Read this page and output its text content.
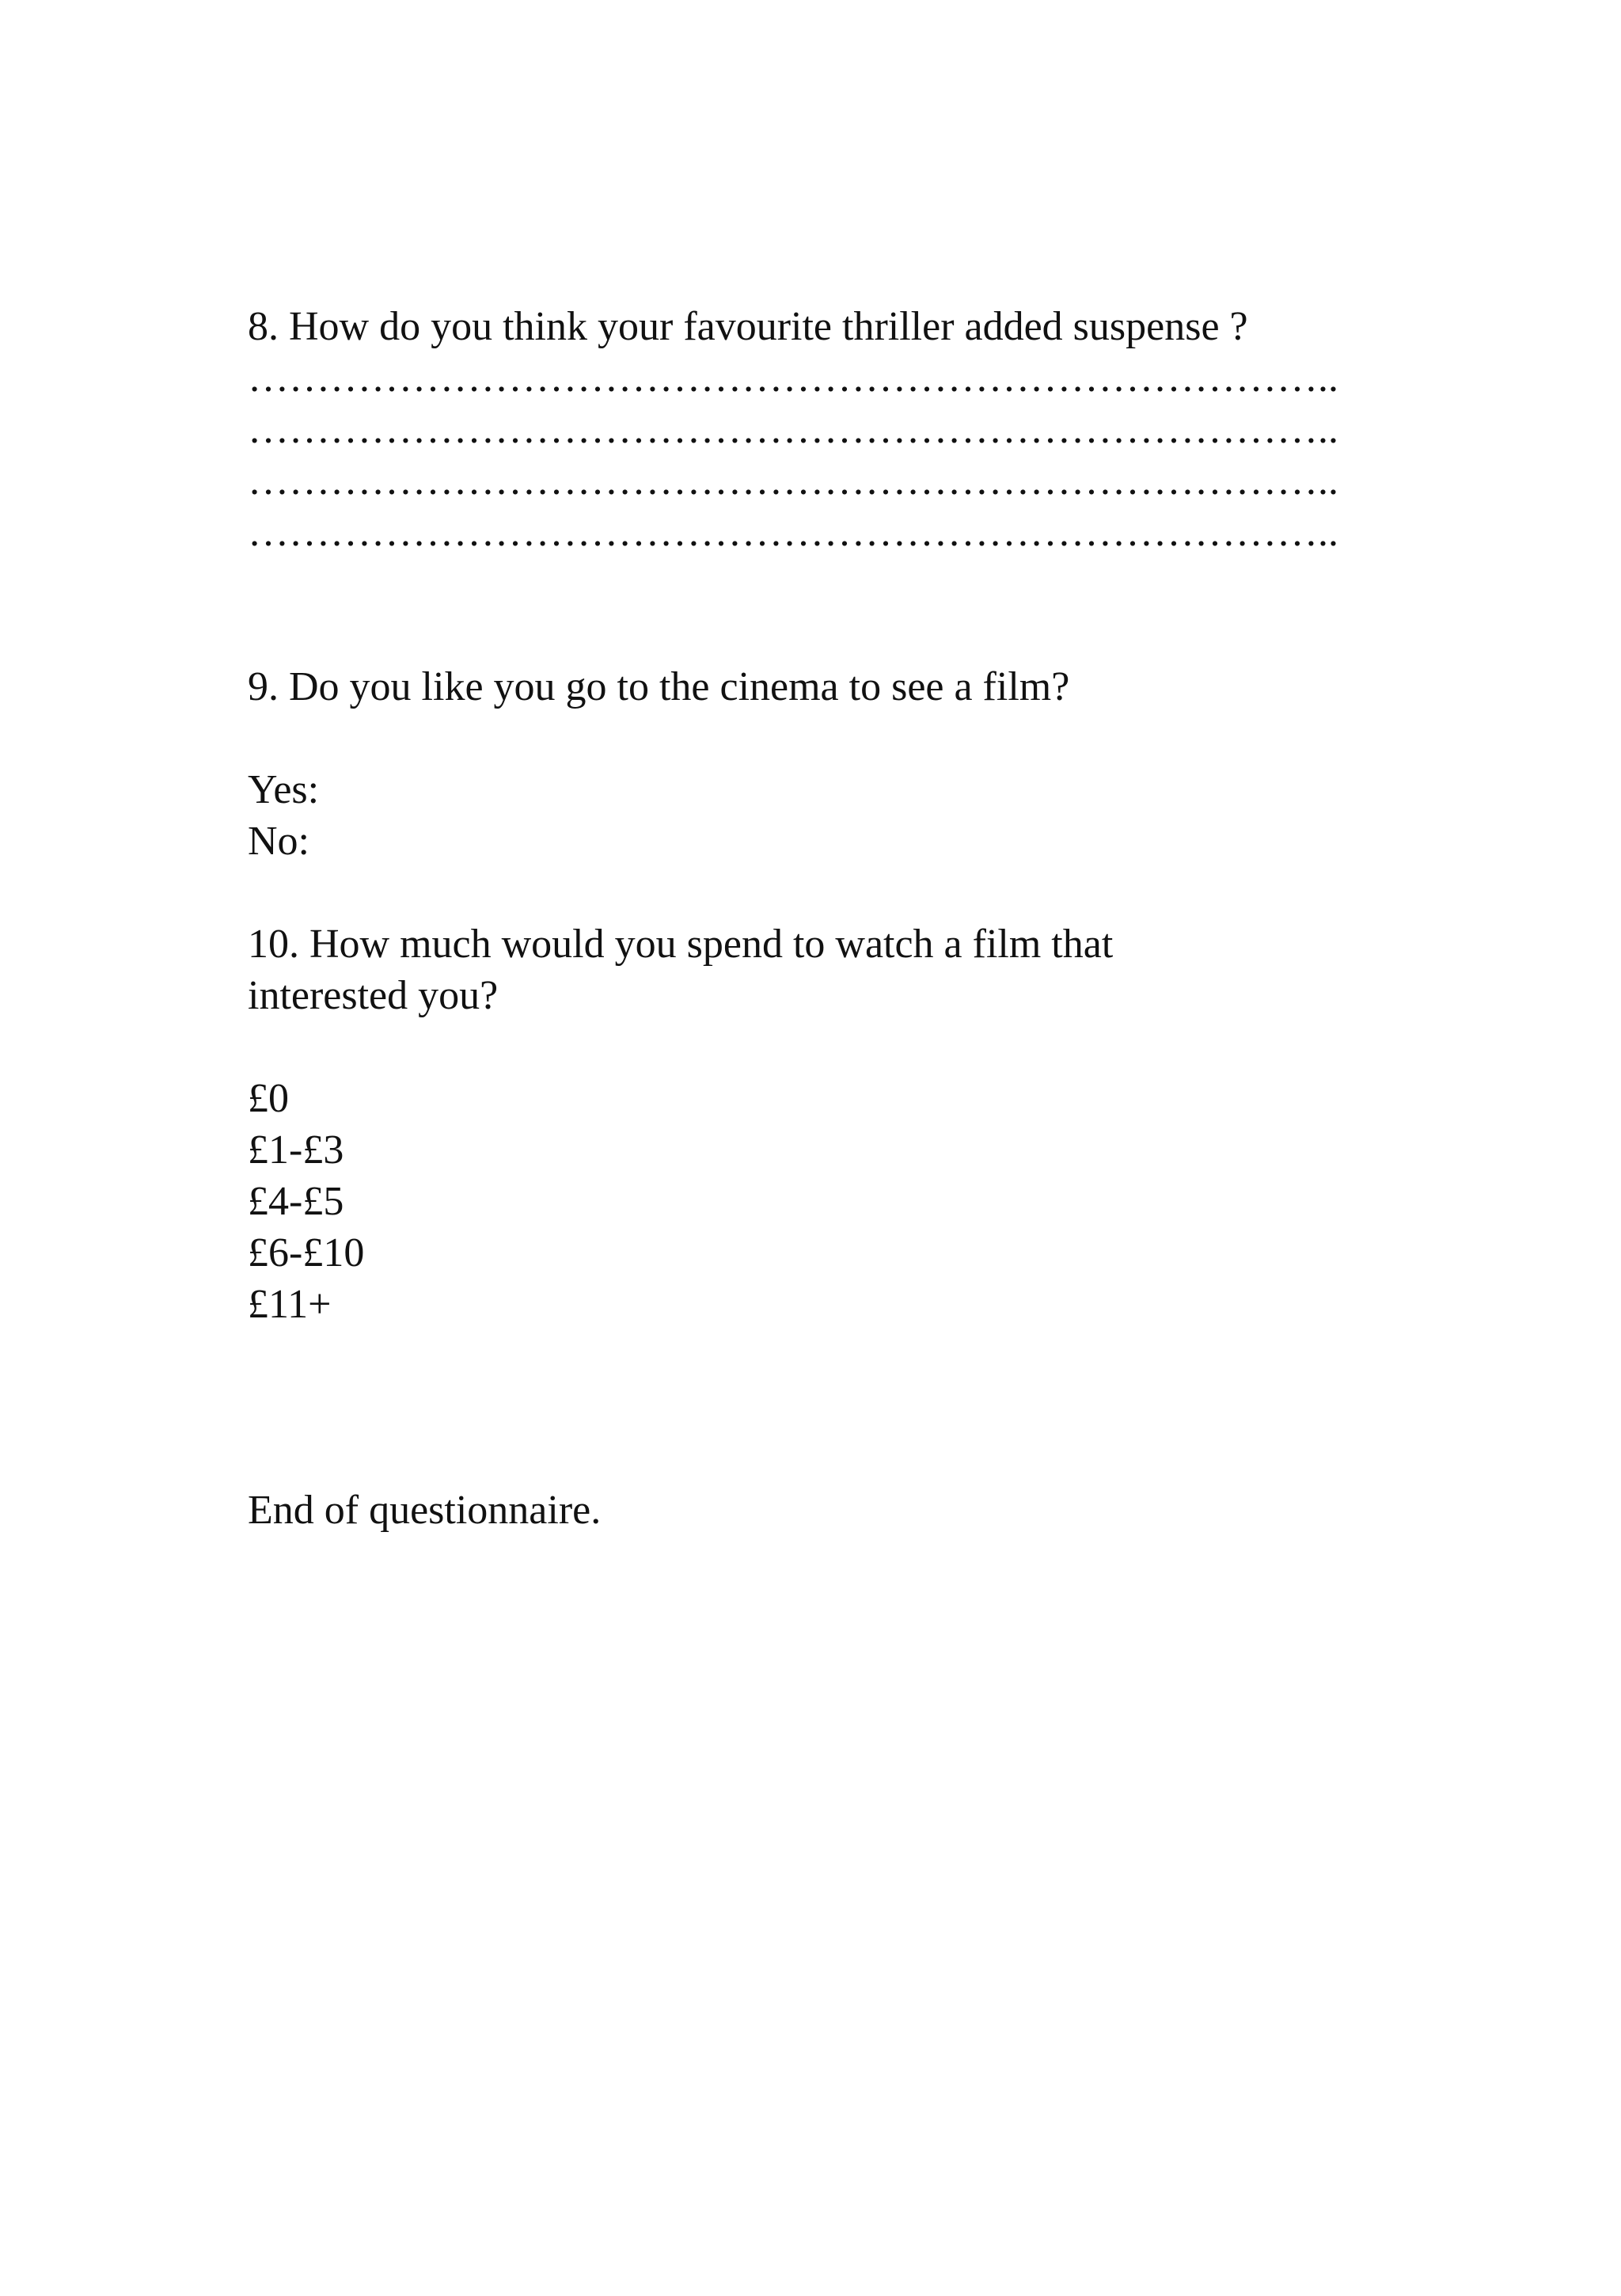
8. How do you think your favourite thriller added suspense ?
……………………………………………………………………..
……………………………………………………………………..
……………………………………………………………………..
……………………………………………………………………..
9. Do you like you go to the cinema to see a film?
Yes:
No:
10. How much would you spend to watch a film that
interested you?
£0
£1-£3
£4-£5
£6-£10
£11+
End of questionnaire.
